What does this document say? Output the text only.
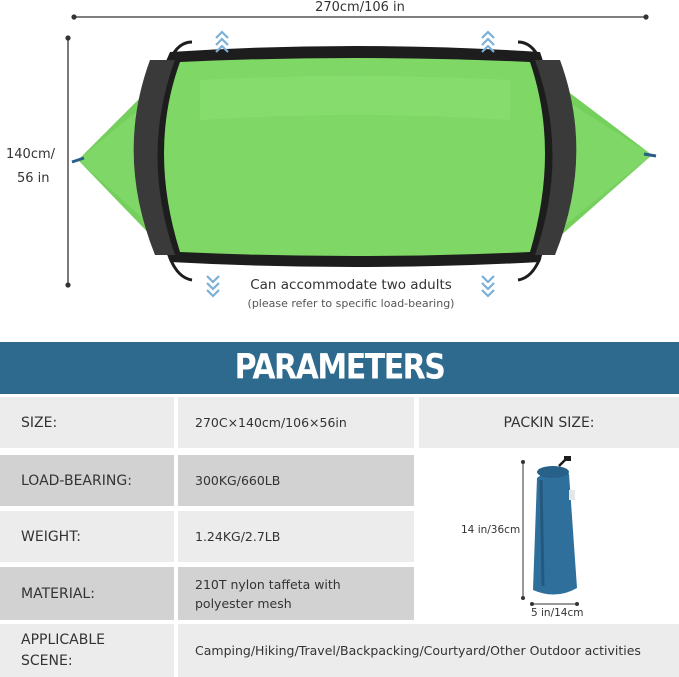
270cm/106 in
140cm/
56 in
Can accommodate two adults
(please refer to specific load-bearing)
PARAMETERS
SIZE:	270C×140cm/106×56in
LOAD-BEARING:	300KG/660LB
WEIGHT:	1.24KG/2.7LB
MATERIAL:
210T nylon taffeta with
polyester mesh
APPLICABLE
SCENE:
Camping/Hiking/Travel/Backpacking/Courtyard/Other Outdoor activities
PACKIN SIZE:
14 in/36cm
5 in/14cm
